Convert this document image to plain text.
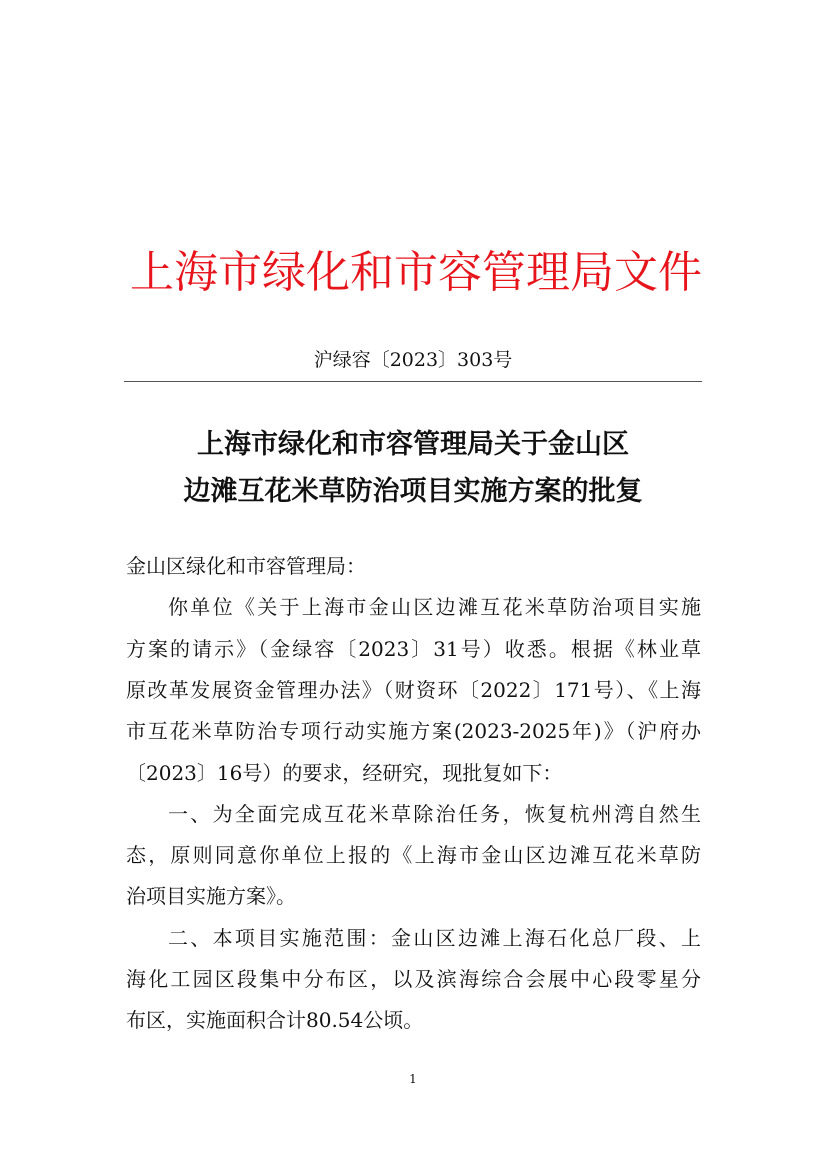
上海市绿化和市容管理局文件
沪绿容〔2023〕303号
上海市绿化和市容管理局关于金山区
边滩互花米草防治项目实施方案的批复
金山区绿化和市容管理局：
你单位《关于上海市金山区边滩互花米草防治项目实施
方案的请示》（金绿容〔2023〕31号）收悉。根据《林业草
原改革发展资金管理办法》（财资环〔2022〕171号）、《上海
市互花米草防治专项行动实施方案(2023-2025年)》（沪府办
〔2023〕16号）的要求，经研究，现批复如下：
一、为全面完成互花米草除治任务，恢复杭州湾自然生
态，原则同意你单位上报的《上海市金山区边滩互花米草防
治项目实施方案》。
二、本项目实施范围：金山区边滩上海石化总厂段、上
海化工园区段集中分布区，以及滨海综合会展中心段零星分
布区，实施面积合计80.54公顷。
1
